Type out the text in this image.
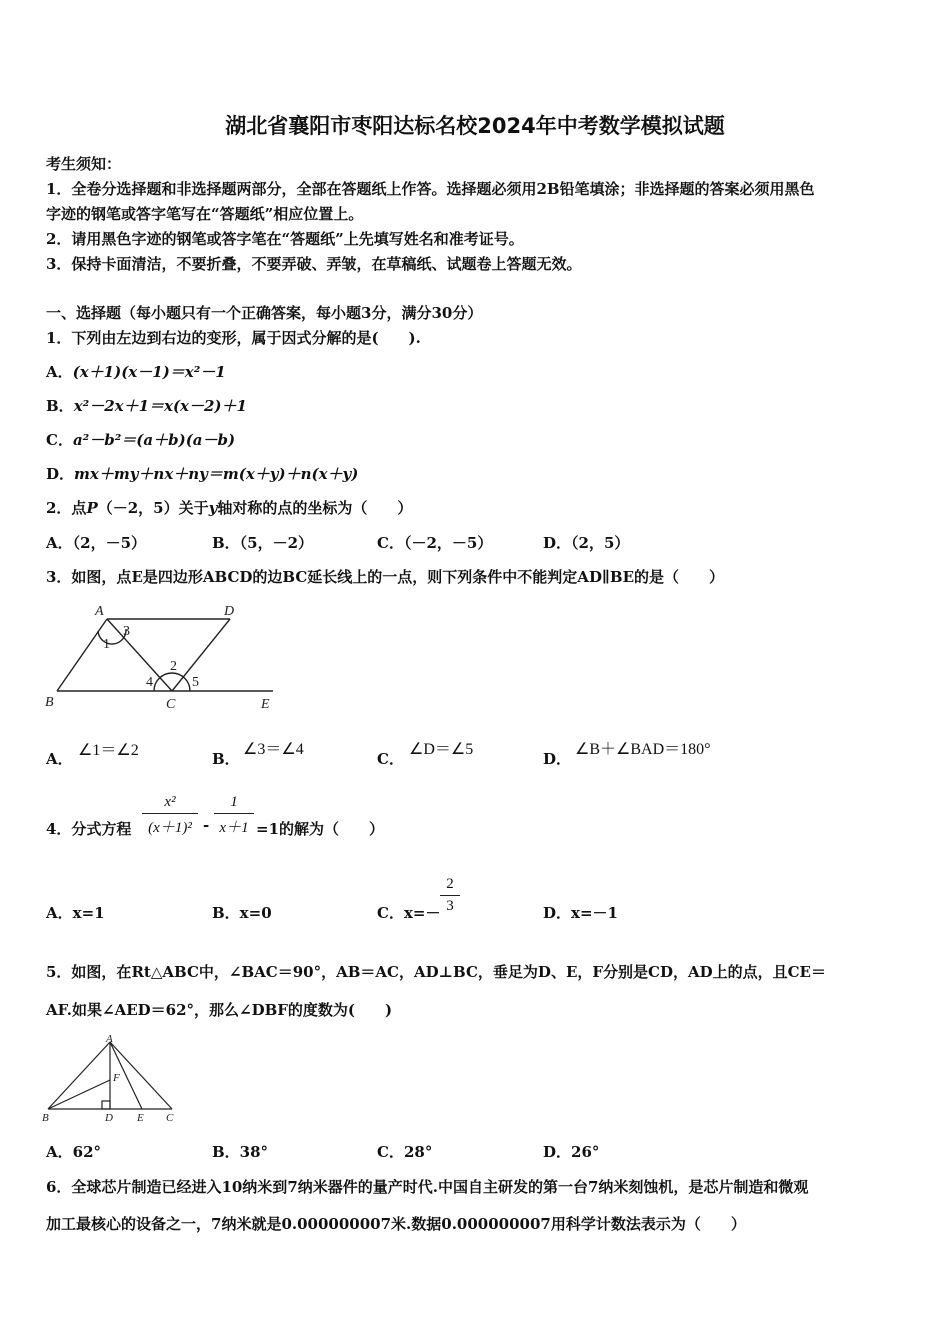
湖北省襄阳市枣阳达标名校2024年中考数学模拟试题
考生须知：
1．全卷分选择题和非选择题两部分，全部在答题纸上作答。选择题必须用2B铅笔填涂；非选择题的答案必须用黑色
字迹的钢笔或答字笔写在“答题纸”相应位置上。
2．请用黑色字迹的钢笔或答字笔在“答题纸”上先填写姓名和准考证号。
3．保持卡面清洁，不要折叠，不要弄破、弄皱，在草稿纸、试题卷上答题无效。
一、选择题（每小题只有一个正确答案，每小题3分，满分30分）
1．下列由左边到右边的变形，属于因式分解的是(　　).
A．(x＋1)(x－1)＝x²－1
B．x²－2x＋1＝x(x－2)＋1
C．a²－b²＝(a＋b)(a－b)
D．mx＋my＋nx＋ny＝m(x＋y)＋n(x＋y)
2．点P（－2，5）关于y轴对称的点的坐标为（　　）
A．（2，－5）	B．（5，－2）	C．（－2，－5）	D．（2，5）
3．如图，点E是四边形ABCD的边BC延长线上的一点，则下列条件中不能判定AD∥BE的是（　　）
A	D
B	C	E
1
3
2
4	5
A． ∠1＝∠2	B．
∠3＝∠4
C．
∠D＝∠5
D．
∠B＋∠BAD＝180°
4．分式方程
x²
(x＋1)² -
1
x＋1 =1的解为（　　）
A．x=1	B．x=0	C．x=－
2
3	D．x=－1
5．如图，在Rt△ABC中，∠BAC＝90°，AB＝AC，AD⊥BC，垂足为D、E，F分别是CD，AD上的点，且CE＝
AF.如果∠AED＝62°，那么∠DBF的度数为(　　)
A
B	D E C
F
A．62°	B．38°	C．28°	D．26°
6．全球芯片制造已经进入10纳米到7纳米器件的量产时代.中国自主研发的第一台7纳米刻蚀机，是芯片制造和微观
加工最核心的设备之一，7纳米就是0.000000007米.数据0.000000007用科学计数法表示为（　　）
